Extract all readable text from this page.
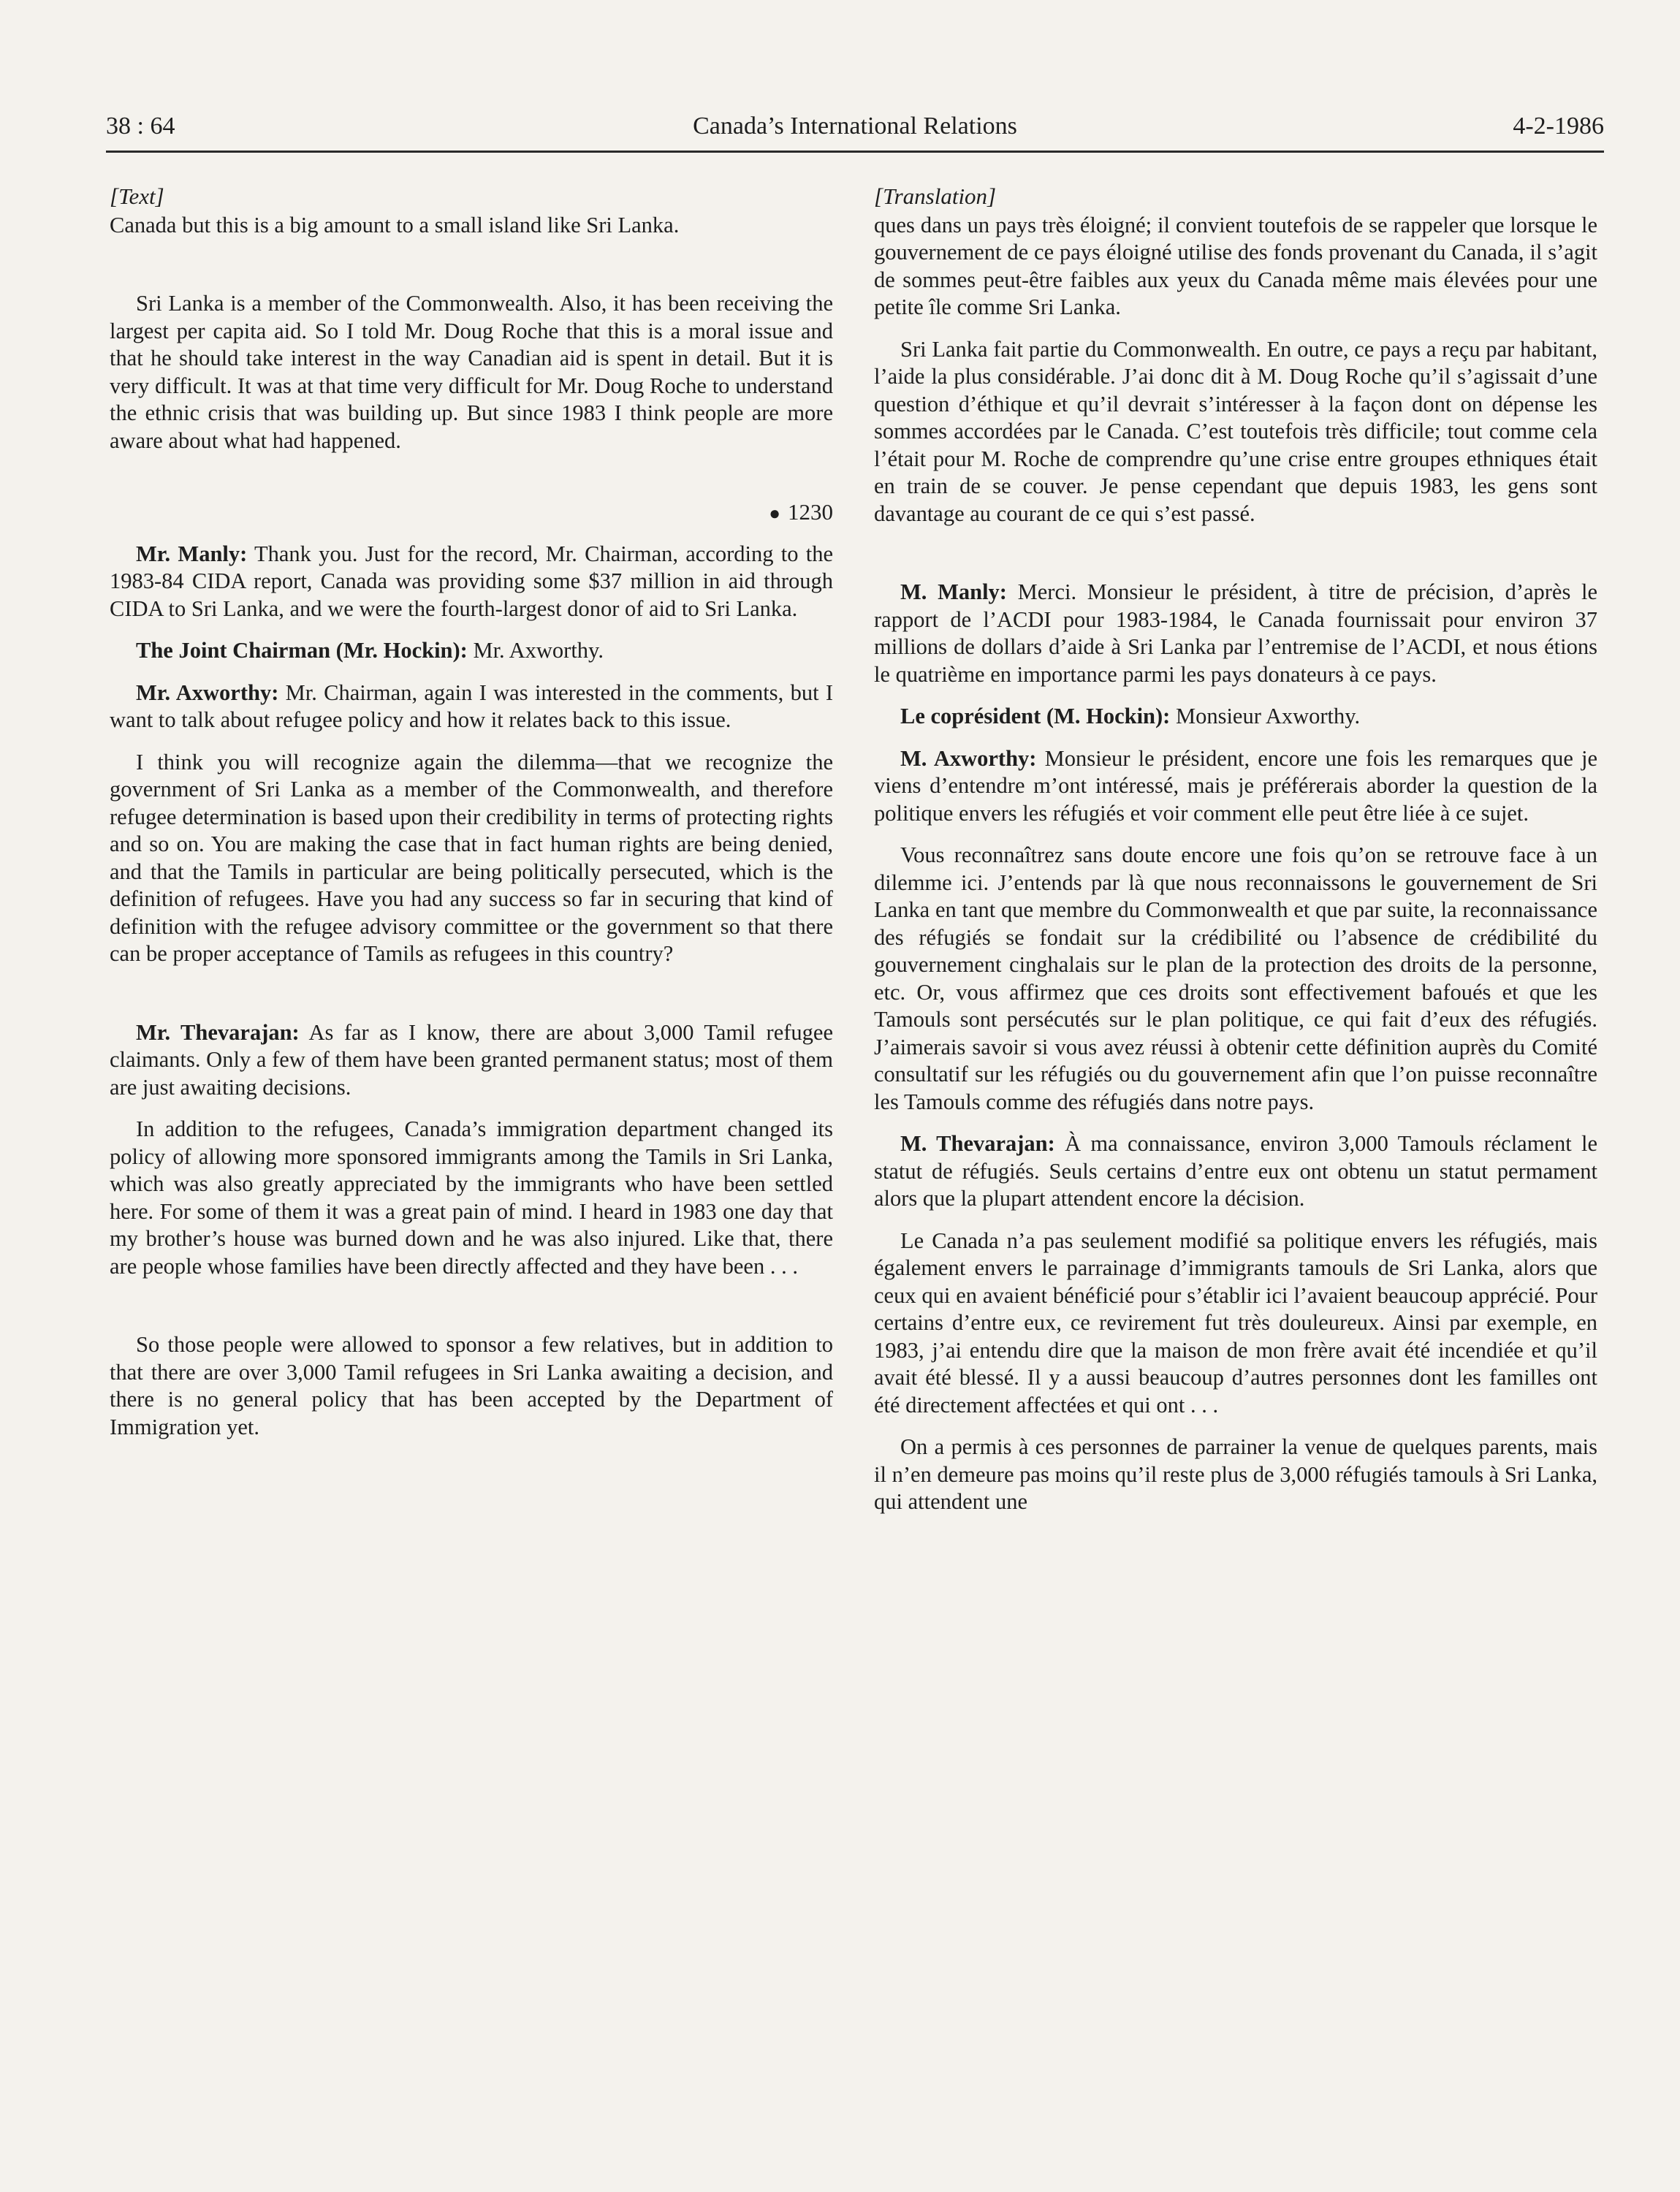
38 : 64	Canada’s International Relations	4-2-1986
[Text]

Canada but this is a big amount to a small island like Sri Lanka.

Sri Lanka is a member of the Commonwealth. Also, it has been receiving the largest per capita aid. So I told Mr. Doug Roche that this is a moral issue and that he should take interest in the way Canadian aid is spent in detail. But it is very difficult. It was at that time very difficult for Mr. Doug Roche to understand the ethnic crisis that was building up. But since 1983 I think people are more aware about what had happened.

● 1230

Mr. Manly: Thank you. Just for the record, Mr. Chairman, according to the 1983-84 CIDA report, Canada was providing some $37 million in aid through CIDA to Sri Lanka, and we were the fourth-largest donor of aid to Sri Lanka.

The Joint Chairman (Mr. Hockin): Mr. Axworthy.

Mr. Axworthy: Mr. Chairman, again I was interested in the comments, but I want to talk about refugee policy and how it relates back to this issue.

I think you will recognize again the dilemma—that we recognize the government of Sri Lanka as a member of the Commonwealth, and therefore refugee determination is based upon their credibility in terms of protecting rights and so on. You are making the case that in fact human rights are being denied, and that the Tamils in particular are being politically persecuted, which is the definition of refugees. Have you had any success so far in securing that kind of definition with the refugee advisory committee or the government so that there can be proper acceptance of Tamils as refugees in this country?

Mr. Thevarajan: As far as I know, there are about 3,000 Tamil refugee claimants. Only a few of them have been granted permanent status; most of them are just awaiting decisions.

In addition to the refugees, Canada’s immigration department changed its policy of allowing more sponsored immigrants among the Tamils in Sri Lanka, which was also greatly appreciated by the immigrants who have been settled here. For some of them it was a great pain of mind. I heard in 1983 one day that my brother’s house was burned down and he was also injured. Like that, there are people whose families have been directly affected and they have been . . .

So those people were allowed to sponsor a few relatives, but in addition to that there are over 3,000 Tamil refugees in Sri Lanka awaiting a decision, and there is no general policy that has been accepted by the Department of Immigration yet.

[Translation]

ques dans un pays très éloigné; il convient toutefois de se rappeler que lorsque le gouvernement de ce pays éloigné utilise des fonds provenant du Canada, il s’agit de sommes peut-être faibles aux yeux du Canada même mais élevées pour une petite île comme Sri Lanka.

Sri Lanka fait partie du Commonwealth. En outre, ce pays a reçu par habitant, l’aide la plus considérable. J’ai donc dit à M. Doug Roche qu’il s’agissait d’une question d’éthique et qu’il devrait s’intéresser à la façon dont on dépense les sommes accordées par le Canada. C’est toutefois très difficile; tout comme cela l’était pour M. Roche de comprendre qu’une crise entre groupes ethniques était en train de se couver. Je pense cependant que depuis 1983, les gens sont davantage au courant de ce qui s’est passé.

M. Manly: Merci. Monsieur le président, à titre de précision, d’après le rapport de l’ACDI pour 1983-1984, le Canada fournissait pour environ 37 millions de dollars d’aide à Sri Lanka par l’entremise de l’ACDI, et nous étions le quatrième en importance parmi les pays donateurs à ce pays.

Le coprésident (M. Hockin): Monsieur Axworthy.

M. Axworthy: Monsieur le président, encore une fois les remarques que je viens d’entendre m’ont intéressé, mais je préférerais aborder la question de la politique envers les réfugiés et voir comment elle peut être liée à ce sujet.

Vous reconnaîtrez sans doute encore une fois qu’on se retrouve face à un dilemme ici. J’entends par là que nous reconnaissons le gouvernement de Sri Lanka en tant que membre du Commonwealth et que par suite, la reconnaissance des réfugiés se fondait sur la crédibilité ou l’absence de crédibilité du gouvernement cinghalais sur le plan de la protection des droits de la personne, etc. Or, vous affirmez que ces droits sont effectivement bafoués et que les Tamouls sont persécutés sur le plan politique, ce qui fait d’eux des réfugiés. J’aimerais savoir si vous avez réussi à obtenir cette définition auprès du Comité consultatif sur les réfugiés ou du gouvernement afin que l’on puisse reconnaître les Tamouls comme des réfugiés dans notre pays.

M. Thevarajan: À ma connaissance, environ 3,000 Tamouls réclament le statut de réfugiés. Seuls certains d’entre eux ont obtenu un statut permament alors que la plupart attendent encore la décision.

Le Canada n’a pas seulement modifié sa politique envers les réfugiés, mais également envers le parrainage d’immigrants tamouls de Sri Lanka, alors que ceux qui en avaient bénéficié pour s’établir ici l’avaient beaucoup apprécié. Pour certains d’entre eux, ce revirement fut très douleureux. Ainsi par exemple, en 1983, j’ai entendu dire que la maison de mon frère avait été incendiée et qu’il avait été blessé. Il y a aussi beaucoup d’autres personnes dont les familles ont été directement affectées et qui ont . . .

On a permis à ces personnes de parrainer la venue de quelques parents, mais il n’en demeure pas moins qu’il reste plus de 3,000 réfugiés tamouls à Sri Lanka, qui attendent une
